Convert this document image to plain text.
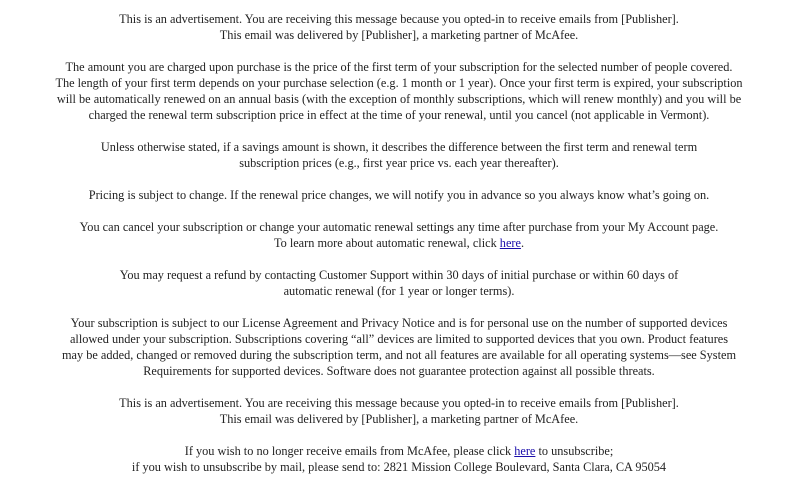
This is an advertisement. You are receiving this message because you opted-in to receive emails from [Publisher].
This email was delivered by [Publisher], a marketing partner of McAfee.

The amount you are charged upon purchase is the price of the first term of your subscription for the selected number of people covered.
The length of your first term depends on your purchase selection (e.g. 1 month or 1 year). Once your first term is expired, your subscription
will be automatically renewed on an annual basis (with the exception of monthly subscriptions, which will renew monthly) and you will be
charged the renewal term subscription price in effect at the time of your renewal, until you cancel (not applicable in Vermont).

Unless otherwise stated, if a savings amount is shown, it describes the difference between the first term and renewal term
subscription prices (e.g., first year price vs. each year thereafter).

Pricing is subject to change. If the renewal price changes, we will notify you in advance so you always know what’s going on.

You can cancel your subscription or change your automatic renewal settings any time after purchase from your My Account page.
To learn more about automatic renewal, click here.

You may request a refund by contacting Customer Support within 30 days of initial purchase or within 60 days of
automatic renewal (for 1 year or longer terms).

Your subscription is subject to our License Agreement and Privacy Notice and is for personal use on the number of supported devices
allowed under your subscription. Subscriptions covering “all” devices are limited to supported devices that you own. Product features
may be added, changed or removed during the subscription term, and not all features are available for all operating systems—see System
Requirements for supported devices. Software does not guarantee protection against all possible threats.

This is an advertisement. You are receiving this message because you opted-in to receive emails from [Publisher].
This email was delivered by [Publisher], a marketing partner of McAfee.

If you wish to no longer receive emails from McAfee, please click here to unsubscribe;
if you wish to unsubscribe by mail, please send to: 2821 Mission College Boulevard, Santa Clara, CA 95054
